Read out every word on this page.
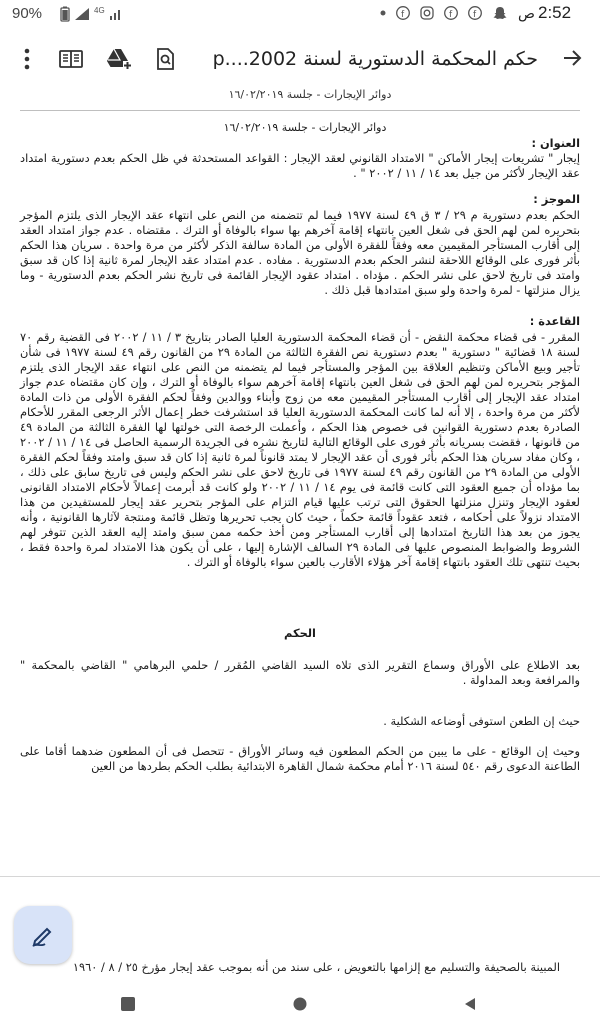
90%	4G	f	f f	ص 2:52
حكم المحكمة الدستورية لسنة 2002....p
دوائر الإيجارات - جلسة ١٦/٠٢/٢٠١٩
دوائر الإيجارات - جلسة ١٦/٠٢/٢٠١٩
العنوان :
إيجار " تشريعات إيجار الأماكن " الامتداد القانوني لعقد الإيجار : القواعد المستحدثة في ظل الحكم بعدم دستورية امتداد عقد الإيجار لأكثر من جيل بعد ١٤ / ١١ / ٢٠٠٢ " .
الموجز :
الحكم بعدم دستورية م ٢٩ / ٣ ق ٤٩ لسنة ١٩٧٧ فيما لم تتضمنه من النص على انتهاء عقد الإيجار الذى يلتزم المؤجر بتحريره لمن لهم الحق فى شغل العين بانتهاء إقامة آخرهم بها سواء بالوفاة أو الترك . مقتضاه . عدم جواز امتداد العقد إلى أقارب المستأجر المقيمين معه وفقاً للفقرة الأولى من المادة سالفة الذكر لأكثر من مرة واحدة . سريان هذا الحكم بأثر فورى على الوقائع اللاحقة لنشر الحكم بعدم الدستورية . مفاده . عدم امتداد عقد الإيجار لمرة ثانية إذا كان قد سبق وامتد فى تاريخ لاحق على نشر الحكم . مؤداه . امتداد عقود الإيجار القائمة فى تاريخ نشر الحكم بعدم الدستورية - وما يزال منزلتها - لمرة واحدة ولو سبق امتدادها قبل ذلك .
القاعدة :
المقرر - فى قضاء محكمة النقض - أن قضاء المحكمة الدستورية العليا الصادر بتاريخ ٣ / ١١ / ٢٠٠٢ فى القضية رقم ٧٠ لسنة ١٨ قضائية " دستورية " بعدم دستورية نص الفقرة الثالثة من المادة ٢٩ من القانون رقم ٤٩ لسنة ١٩٧٧ فى شأن تأجير وبيع الأماكن وتنظيم العلاقة بين المؤجر والمستأجر فيما لم يتضمنه من النص على انتهاء عقد الإيجار الذى يلتزم المؤجر بتحريره لمن لهم الحق فى شغل العين بانتهاء إقامة آخرهم سواء بالوفاة أو الترك ، وإن كان مقتضاه عدم جواز امتداد عقد الإيجار إلى أقارب المستأجر المقيمين معه من زوج وأبناء ووالدين وفقاً لحكم الفقرة الأولى من ذات المادة لأكثر من مرة واحدة ، إلا أنه لما كانت المحكمة الدستورية العليا قد استشرفت خطر إعمال الأثر الرجعى المقرر للأحكام الصادرة بعدم دستورية القوانين فى خصوص هذا الحكم ، وأعملت الرخصة التى خولتها لها الفقرة الثالثة من المادة ٤٩ من قانونها ، فقضت بسريانه بأثر فورى على الوقائع التالية لتاريخ نشره فى الجريدة الرسمية الحاصل فى ١٤ / ١١ / ٢٠٠٢ ، وكان مفاد سريان هذا الحكم بأثر فورى أن عقد الإيجار لا يمتد قانوناً لمرة ثانية إذا كان قد سبق وامتد وفقاً لحكم الفقرة الأولى من المادة ٢٩ من القانون رقم ٤٩ لسنة ١٩٧٧ فى تاريخ لاحق على نشر الحكم وليس فى تاريخ سابق على ذلك ، بما مؤداه أن جميع العقود التى كانت قائمة فى يوم ١٤ / ١١ / ٢٠٠٢ ولو كانت قد أبرمت إعمالاً لأحكام الامتداد القانونى لعقود الإيجار وتنزل منزلتها الحقوق التى ترتب عليها قيام التزام على المؤجر بتحرير عقد إيجار للمستفيدين من هذا الامتداد نزولاً على أحكامه ، فتعد عقوداً قائمة حكماً ، حيث كان يجب تحريرها وتظل قائمة ومنتجة لآثارها القانونية ، وأنه يجوز من بعد هذا التاريخ امتدادها إلى أقارب المستأجر ومن أخذ حكمه ممن سبق وامتد إليه العقد الذين تتوفر لهم الشروط والضوابط المنصوص عليها فى المادة ٢٩ السالف الإشارة إليها ، على أن يكون هذا الامتداد لمرة واحدة فقط ، بحيث تنتهى تلك العقود بانتهاء إقامة آخر هؤلاء الأقارب بالعين سواء بالوفاة أو الترك .
الحكم
بعد الاطلاع على الأوراق وسماع التقرير الذى تلاه السيد القاضي المُقرر / حلمي البرهامي " القاضي بالمحكمة " والمرافعة وبعد المداولة .
حيث إن الطعن استوفى أوضاعه الشكلية .
وحيث إن الوقائع - على ما يبين من الحكم المطعون فيه وسائر الأوراق - تتحصل فى أن المطعون ضدهما أقاما على الطاعنة الدعوى رقم ٥٤٠ لسنة ٢٠١٦ أمام محكمة شمال القاهرة الابتدائية بطلب الحكم بطردها من العين
المبينة بالصحيفة والتسليم مع إلزامها بالتعويض ، على سند من أنه بموجب عقد إيجار مؤرخ ٢٥ / ٨ / ١٩٦٠
